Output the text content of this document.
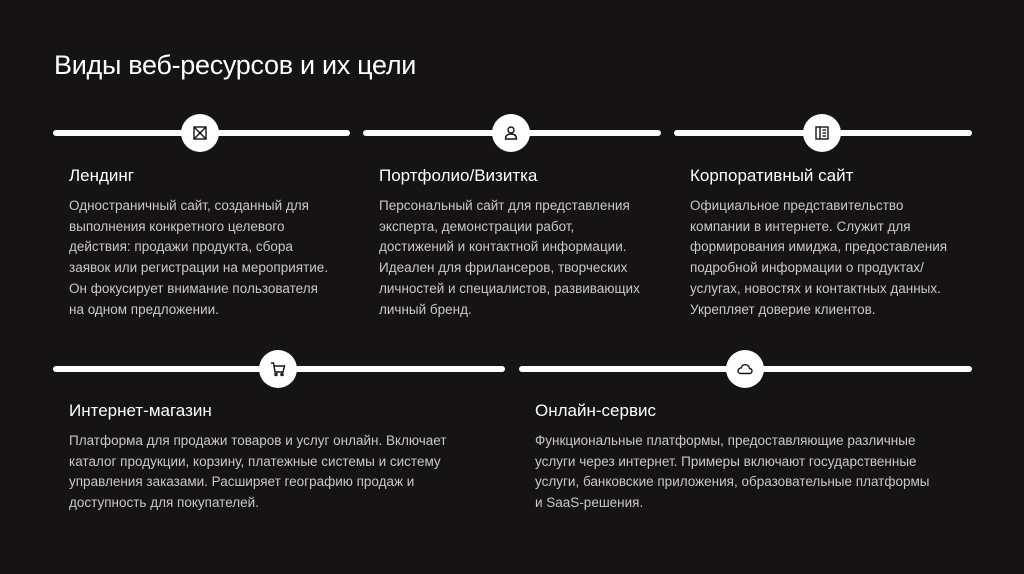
Виды веб-ресурсов и их цели
Лендинг
Одностраничный сайт, созданный для выполнения конкретного целевого действия: продажи продукта, сбора заявок или регистрации на мероприятие. Он фокусирует внимание пользователя на одном предложении.
Портфолио/Визитка
Персональный сайт для представления эксперта, демонстрации работ, достижений и контактной информации. Идеален для фрилансеров, творческих личностей и специалистов, развивающих личный бренд.
Корпоративный сайт
Официальное представительство компании в интернете. Служит для формирования имиджа, предоставления подробной информации о продуктах/услугах, новостях и контактных данных. Укрепляет доверие клиентов.
Интернет-магазин
Платформа для продажи товаров и услуг онлайн. Включает каталог продукции, корзину, платежные системы и систему управления заказами. Расширяет географию продаж и доступность для покупателей.
Онлайн-сервис
Функциональные платформы, предоставляющие различные услуги через интернет. Примеры включают государственные услуги, банковские приложения, образовательные платформы и SaaS-решения.
